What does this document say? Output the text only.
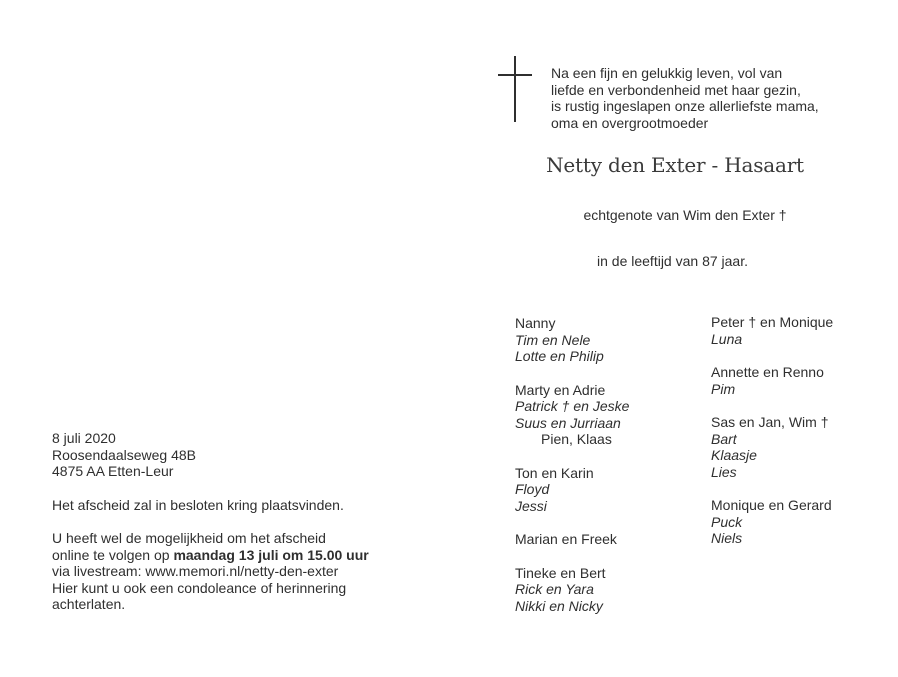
Na een fijn en gelukkig leven, vol van
liefde en verbondenheid met haar gezin,
is rustig ingeslapen onze allerliefste mama,
oma en overgrootmoeder
Netty den Exter - Hasaart
echtgenote van Wim den Exter †
in de leeftijd van 87 jaar.
Nanny
Tim en Nele
Lotte en Philip
Marty en Adrie
Patrick † en Jeske
Suus en Jurriaan
Pien, Klaas
Ton en Karin
Floyd
Jessi
Marian en Freek
Tineke en Bert
Rick en Yara
Nikki en Nicky
Peter † en Monique
Luna
Annette en Renno
Pim
Sas en Jan, Wim †
Bart
Klaasje
Lies
Monique en Gerard
Puck
Niels
8 juli 2020
Roosendaalseweg 48B
4875 AA Etten-Leur
Het afscheid zal in besloten kring plaatsvinden.
U heeft wel de mogelijkheid om het afscheid
online te volgen op maandag 13 juli om 15.00 uur
via livestream: www.memori.nl/netty-den-exter
Hier kunt u ook een condoleance of herinnering
achterlaten.
